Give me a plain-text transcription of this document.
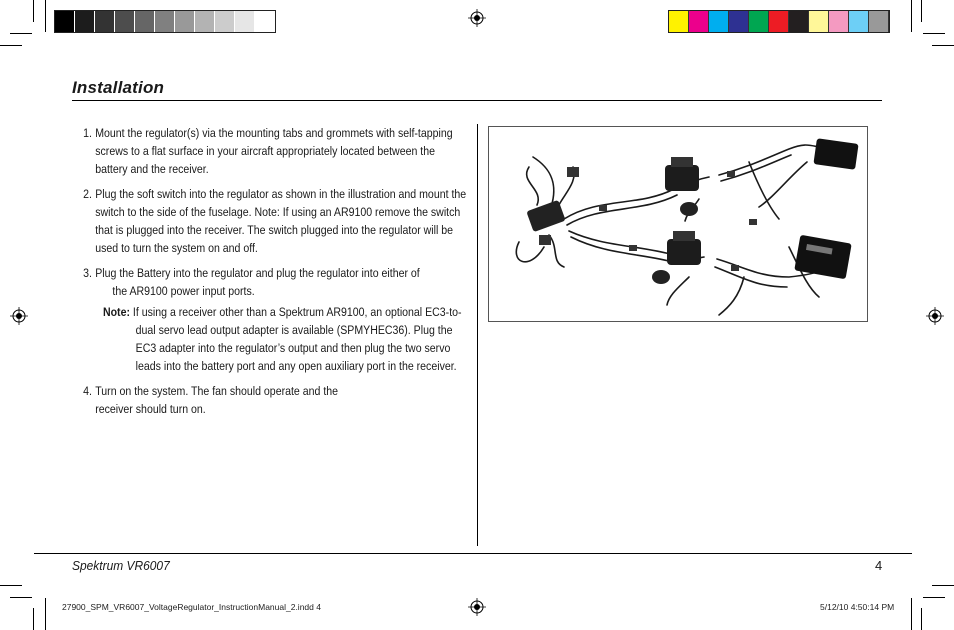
Installation

1. Mount the regulator(s) via the mounting tabs and grommets with self-tapping screws to a flat surface in your aircraft appropriately located between the battery and the receiver.

2. Plug the soft switch into the regulator as shown in the illustration and mount the switch to the side of the fuselage. Note: If using an AR9100 remove the switch that is plugged into the receiver. The switch plugged into the regulator will be used to turn the system on and off.

3. Plug the Battery into the regulator and plug the regulator into either of
the AR9100 power input ports.

Note: If using a receiver other than a Spektrum AR9100, an optional EC3-to-dual servo lead output adapter is available (SPMYHEC36). Plug the EC3 adapter into the regulator’s output and then plug the two servo leads into the battery port and any open auxiliary port in the receiver.

4. Turn on the system. The fan should operate and the
receiver should turn on.

Spektrum VR6007	4
27900_SPM_VR6007_VoltageRegulator_InstructionManual_2.indd 4	5/12/10 4:50:14 PM
